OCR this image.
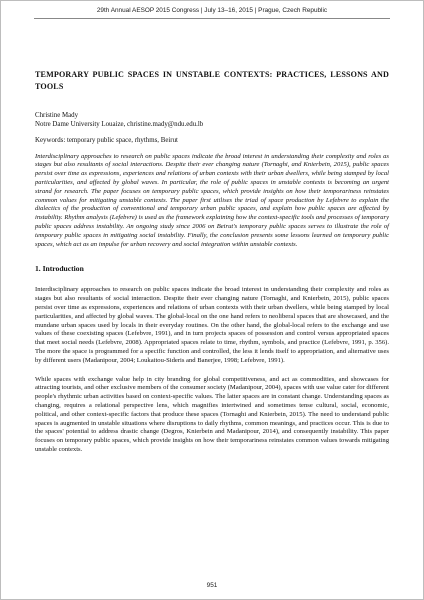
29th Annual AESOP 2015 Congress | July 13–16, 2015 | Prague, Czech Republic
TEMPORARY PUBLIC SPACES IN UNSTABLE CONTEXTS: PRACTICES, LESSONS AND TOOLS

Christine Mady

Notre Dame University Louaize, christine.mady@ndu.edu.lb

Keywords: temporary public space, rhythms, Beirut

Interdisciplinary approaches to research on public spaces indicate the broad interest in understanding their complexity and roles as stages but also resultants of social interactions. Despite their ever changing nature (Tornaghi, and Knierbein, 2015), public spaces persist over time as expressions, experiences and relations of urban contexts with their urban dwellers, while being stamped by local particularities, and affected by global waves. In particular, the role of public spaces in unstable contexts is becoming an urgent strand for research. The paper focuses on temporary public spaces, which provide insights on how their temporariness reinstates common values for mitigating unstable contexts. The paper first utilises the triad of space production by Lefebvre to explain the dialectics of the production of conventional and temporary urban public spaces, and explain how public spaces are affected by instability. Rhythm analysis (Lefebvre) is used as the framework explaining how the context-specific tools and processes of temporary public spaces address instability. An ongoing study since 2006 on Beirut's temporary public spaces serves to illustrate the role of temporary public spaces in mitigating social instability. Finally, the conclusion presents some lessons learned on temporary public spaces, which act as an impulse for urban recovery and social integration within unstable contexts.

1. Introduction

Interdisciplinary approaches to research on public spaces indicate the broad interest in understanding their complexity and roles as stages but also resultants of social interaction. Despite their ever changing nature (Tornaghi, and Knierbein, 2015), public spaces persist over time as expressions, experiences and relations of urban contexts with their urban dwellers, while being stamped by local particularities, and affected by global waves. The global-local on the one hand refers to neoliberal spaces that are showcased, and the mundane urban spaces used by locals in their everyday routines. On the other hand, the global-local refers to the exchange and use values of these coexisting spaces (Lefebvre, 1991), and in turn projects spaces of possession and control versus appropriated spaces that meet social needs (Lefebvre, 2008). Appropriated spaces relate to time, rhythm, symbols, and practice (Lefebvre, 1991, p. 356). The more the space is programmed for a specific function and controlled, the less it lends itself to appropriation, and alternative uses by different users (Madanipour, 2004; Loukaitou-Sideris and Banerjee, 1998; Lefebvre, 1991).

While spaces with exchange value help in city branding for global competitiveness, and act as commodities, and showcases for attracting tourists, and other exclusive members of the consumer society (Madanipour, 2004), spaces with use value cater for different people's rhythmic urban activities based on context-specific values. The latter spaces are in constant change. Understanding spaces as changing, requires a relational perspective lens, which magnifies intertwined and sometimes tense cultural, social, economic, political, and other context-specific factors that produce these spaces (Tornaghi and Knierbein, 2015). The need to understand public spaces is augmented in unstable situations where disruptions to daily rhythms, common meanings, and practices occur. This is due to the spaces' potential to address drastic change (Degros, Knierbein and Madanipour, 2014), and consequently instability. This paper focuses on temporary public spaces, which provide insights on how their temporariness reinstates common values towards mitigating unstable contexts.

951
